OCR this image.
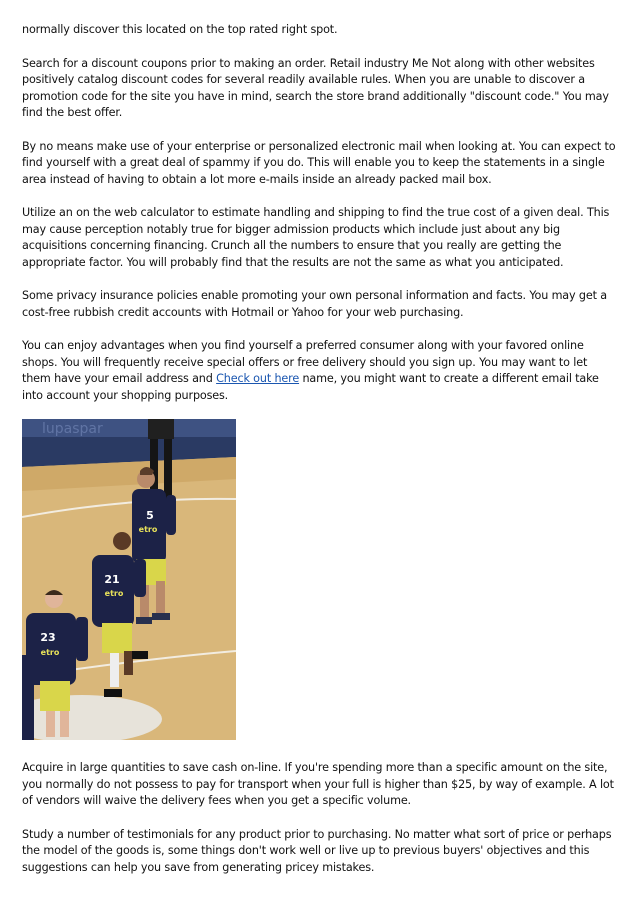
normally discover this located on the top rated right spot.

Search for a discount coupons prior to making an order. Retail industry Me Not along with other websites positively catalog discount codes for several readily available rules. When you are unable to discover a promotion code for the site you have in mind, search the store brand additionally "discount code." You may find the best offer.

By no means make use of your enterprise or personalized electronic mail when looking at. You can expect to find yourself with a great deal of spammy if you do. This will enable you to keep the statements in a single area instead of having to obtain a lot more e-mails inside an already packed mail box.

Utilize an on the web calculator to estimate handling and shipping to find the true cost of a given deal. This may cause perception notably true for bigger admission products which include just about any big acquisitions concerning financing. Crunch all the numbers to ensure that you really are getting the appropriate factor. You will probably find that the results are not the same as what you anticipated.

Some privacy insurance policies enable promoting your own personal information and facts. You may get a cost-free rubbish credit accounts with Hotmail or Yahoo for your web purchasing.

You can enjoy advantages when you find yourself a preferred consumer along with your favored online shops. You will frequently receive special offers or free delivery should you sign up. You may want to let them have your email address and Check out here name, you might want to create a different email take into account your shopping purposes.

lupaspar
5
etro
21
etro
23
etro

Acquire in large quantities to save cash on-line. If you're spending more than a specific amount on the site, you normally do not possess to pay for transport when your full is higher than $25, by way of example. A lot of vendors will waive the delivery fees when you get a specific volume.

Study a number of testimonials for any product prior to purchasing. No matter what sort of price or perhaps the model of the goods is, some things don't work well or live up to previous buyers' objectives and this suggestions can help you save from generating pricey mistakes.
